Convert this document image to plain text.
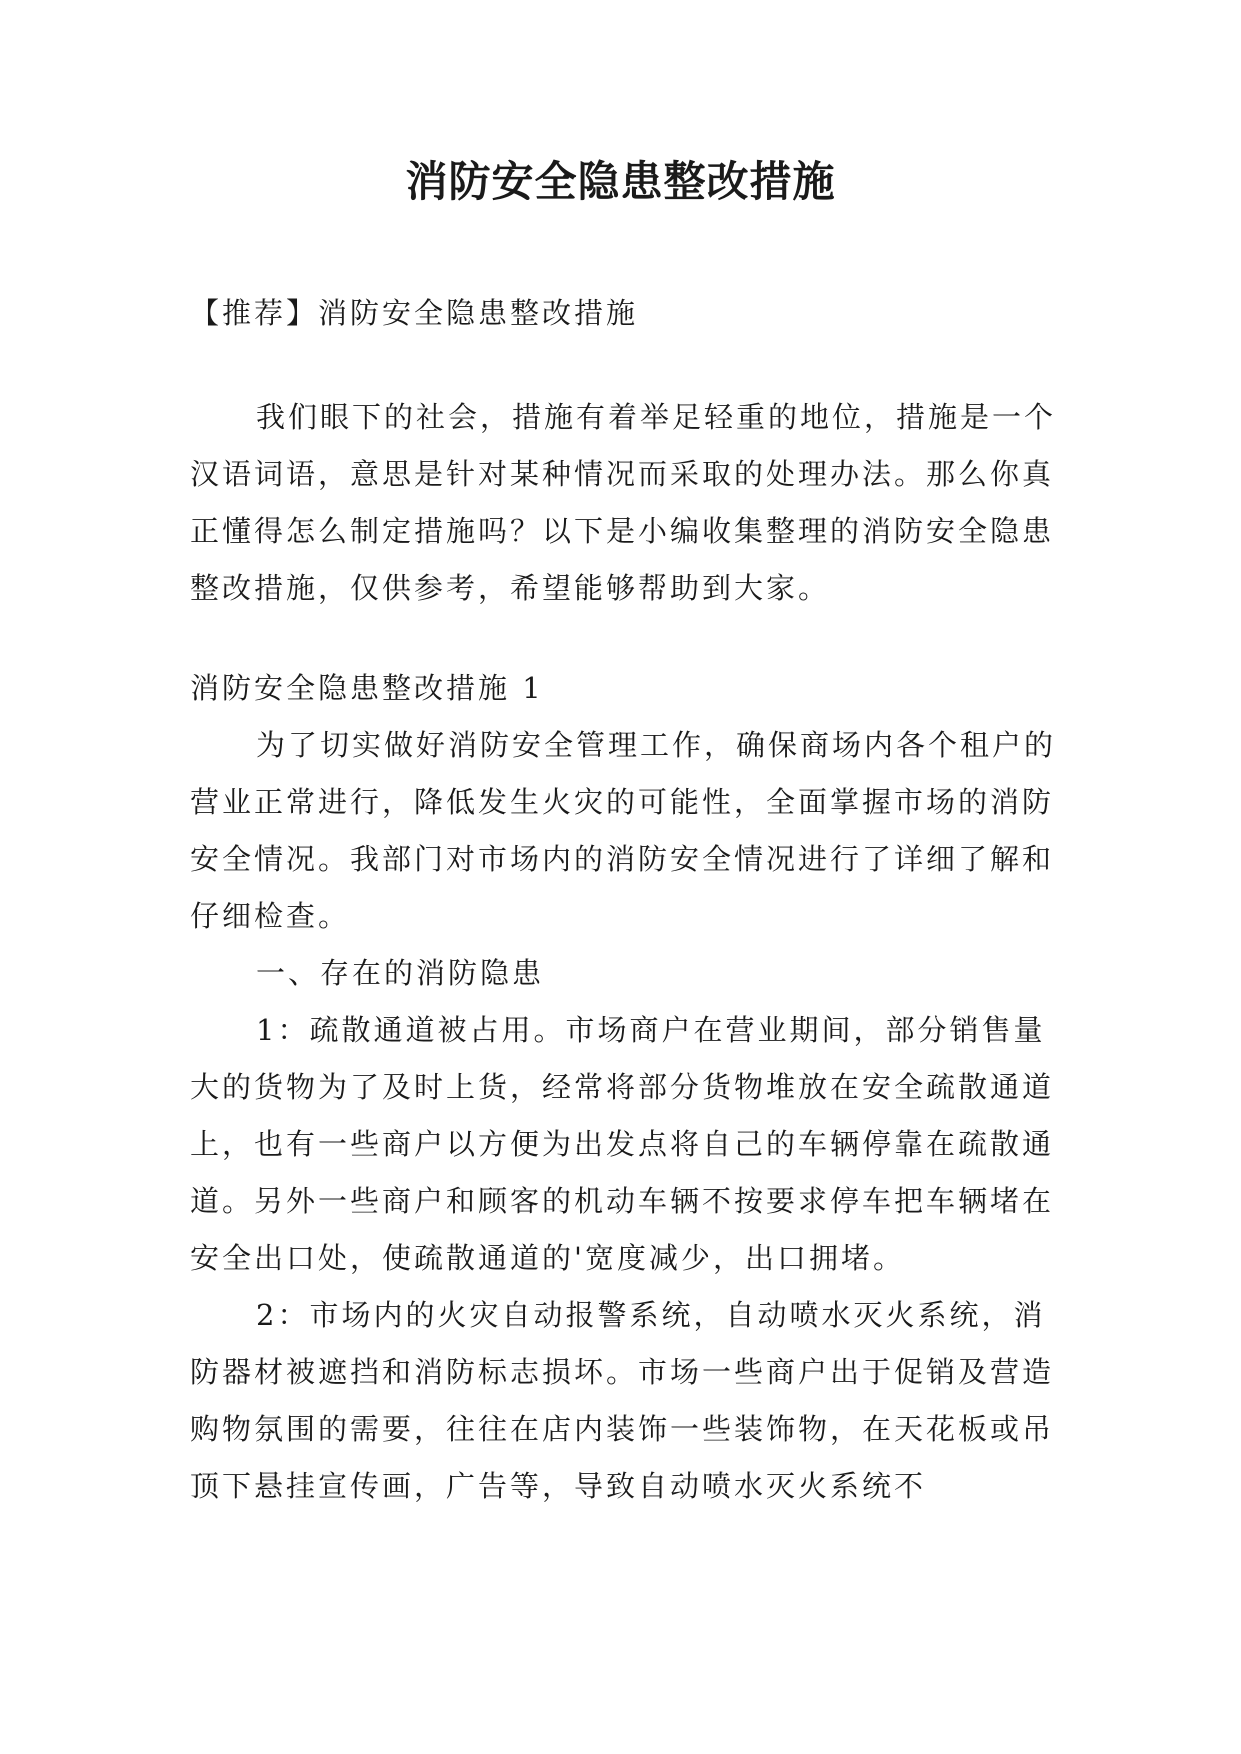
消防安全隐患整改措施

【推荐】消防安全隐患整改措施

我们眼下的社会，措施有着举足轻重的地位，措施是一个汉语词语，意思是针对某种情况而采取的处理办法。那么你真正懂得怎么制定措施吗？以下是小编收集整理的消防安全隐患整改措施，仅供参考，希望能够帮助到大家。

消防安全隐患整改措施 1

为了切实做好消防安全管理工作，确保商场内各个租户的营业正常进行，降低发生火灾的可能性，全面掌握市场的消防安全情况。我部门对市场内的消防安全情况进行了详细了解和仔细检查。

一、存在的消防隐患

1：疏散通道被占用。市场商户在营业期间，部分销售量大的货物为了及时上货，经常将部分货物堆放在安全疏散通道上，也有一些商户以方便为出发点将自己的车辆停靠在疏散通道。另外一些商户和顾客的机动车辆不按要求停车把车辆堵在安全出口处，使疏散通道的'宽度减少，出口拥堵。

2：市场内的火灾自动报警系统，自动喷水灭火系统，消防器材被遮挡和消防标志损坏。市场一些商户出于促销及营造购物氛围的需要，往往在店内装饰一些装饰物，在天花板或吊顶下悬挂宣传画，广告等，导致自动喷水灭火系统不
